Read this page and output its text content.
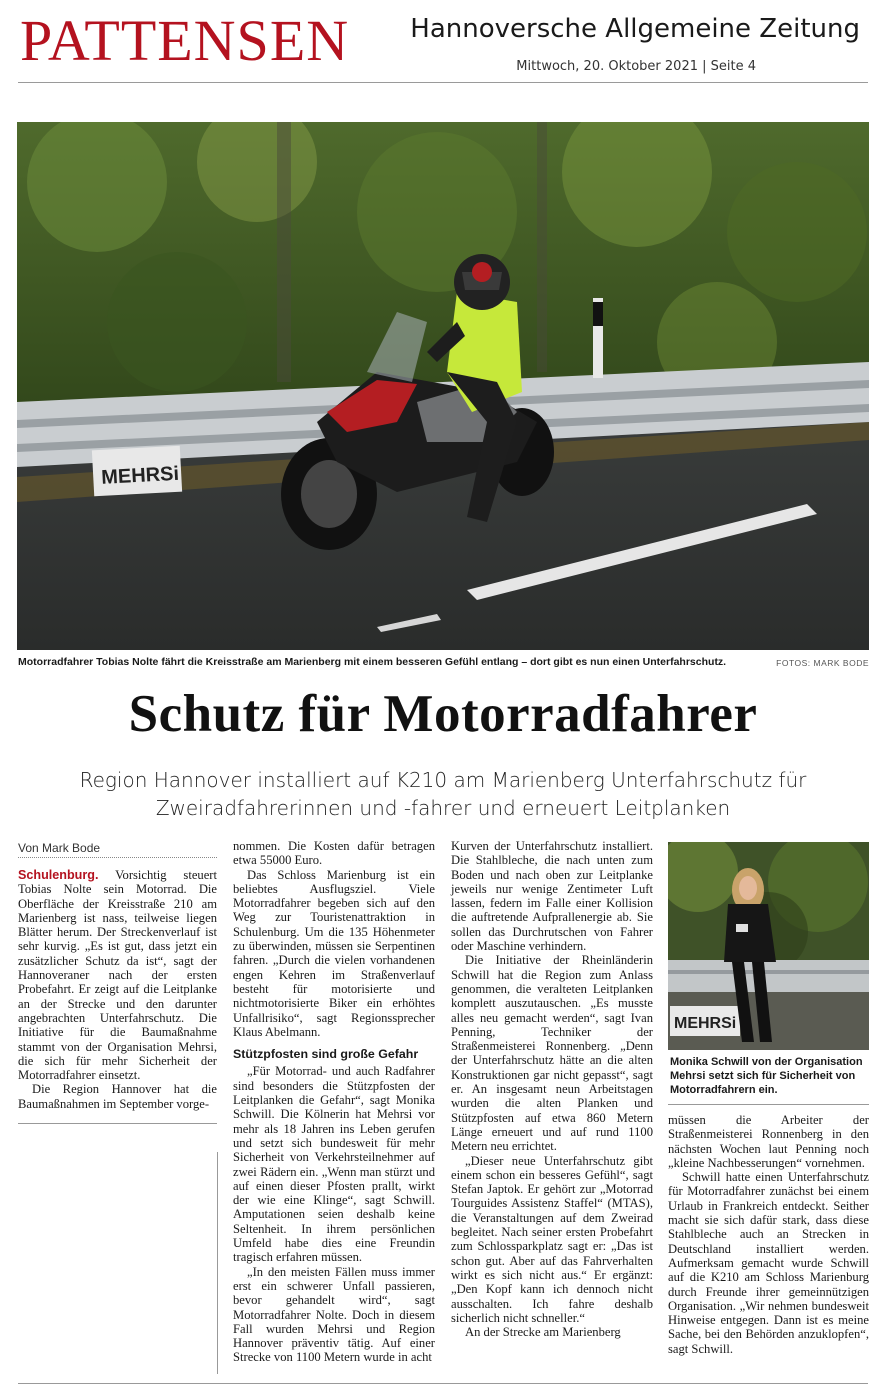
PATTENSEN Hannoversche Allgemeine Zeitung
Mittwoch, 20. Oktober 2021 | Seite 4
MEHRSi
Motorradfahrer Tobias Nolte fährt die Kreisstraße am Marienberg mit einem besseren Gefühl entlang – dort gibt es nun einen Unterfahrschutz.	FOTOS: MARK BODE
Schutz für Motorradfahrer
Region Hannover installiert auf K210 am Marienberg Unterfahrschutz für Zweiradfahrerinnen und -fahrer und erneuert Leitplanken
Von Mark Bode

Schulenburg. Vorsichtig steuert Tobias Nolte sein Motorrad. Die Oberfläche der Kreisstraße 210 am Marienberg ist nass, teilweise liegen Blätter herum. Der Streckenverlauf ist sehr kurvig. „Es ist gut, dass jetzt ein zusätzlicher Schutz da ist“, sagt der Hannoveraner nach der ersten Probefahrt. Er zeigt auf die Leitplanke an der Strecke und den darunter angebrachten Unterfahrschutz. Die Initiative für die Baumaßnahme stammt von der Organisation Mehrsi, die sich für mehr Sicherheit der Motorradfahrer einsetzt.

Die Region Hannover hat die Baumaßnahmen im September vorge-

nommen. Die Kosten dafür betragen etwa 55000 Euro.

Das Schloss Marienburg ist ein beliebtes Ausflugsziel. Viele Motorradfahrer begeben sich auf den Weg zur Touristenattraktion in Schulenburg. Um die 135 Höhenmeter zu überwinden, müssen sie Serpentinen fahren. „Durch die vielen vorhandenen engen Kehren im Straßenverlauf besteht für motorisierte und nichtmotorisierte Biker ein erhöhtes Unfallrisiko“, sagt Regionssprecher Klaus Abelmann.

Stützpfosten sind große Gefahr

„Für Motorrad- und auch Radfahrer sind besonders die Stützpfosten der Leitplanken die Gefahr“, sagt Monika Schwill. Die Kölnerin hat Mehrsi vor mehr als 18 Jahren ins Leben gerufen und setzt sich bundesweit für mehr Sicherheit von Verkehrsteilnehmer auf zwei Rädern ein. „Wenn man stürzt und auf einen dieser Pfosten prallt, wirkt der wie eine Klinge“, sagt Schwill. Amputationen seien deshalb keine Seltenheit. In ihrem persönlichen Umfeld habe dies eine Freundin tragisch erfahren müssen.

„In den meisten Fällen muss immer erst ein schwerer Unfall passieren, bevor gehandelt wird“, sagt Motorradfahrer Nolte. Doch in diesem Fall wurden Mehrsi und Region Hannover präventiv tätig. Auf einer Strecke von 1100 Metern wurde in acht

Kurven der Unterfahrschutz installiert. Die Stahlbleche, die nach unten zum Boden und nach oben zur Leitplanke jeweils nur wenige Zentimeter Luft lassen, federn im Falle einer Kollision die auftretende Aufprallenergie ab. Sie sollen das Durchrutschen von Fahrer oder Maschine verhindern.

Die Initiative der Rheinländerin Schwill hat die Region zum Anlass genommen, die veralteten Leitplanken komplett auszutauschen. „Es musste alles neu gemacht werden“, sagt Ivan Penning, Techniker der Straßenmeisterei Ronnenberg. „Denn der Unterfahrschutz hätte an die alten Konstruktionen gar nicht gepasst“, sagt er. An insgesamt neun Arbeitstagen wurden die alten Planken und Stützpfosten auf etwa 860 Metern Länge erneuert und auf rund 1100 Metern neu errichtet.

„Dieser neue Unterfahrschutz gibt einem schon ein besseres Gefühl“, sagt Stefan Japtok. Er gehört zur „Motorrad Tourguides Assistenz Staffel“ (MTAS), die Veranstaltungen auf dem Zweirad begleitet. Nach seiner ersten Probefahrt zum Schlossparkplatz sagt er: „Das ist schon gut. Aber auf das Fahrverhalten wirkt es sich nicht aus.“ Er ergänzt: „Den Kopf kann ich dennoch nicht ausschalten. Ich fahre deshalb sicherlich nicht schneller.“

An der Strecke am Marienberg

MEHRSi
Monika Schwill von der Organisation Mehrsi setzt sich für Sicherheit von Motorradfahrern ein.

müssen die Arbeiter der Straßenmeisterei Ronnenberg in den nächsten Wochen laut Penning noch „kleine Nachbesserungen“ vornehmen.

Schwill hatte einen Unterfahrschutz für Motorradfahrer zunächst bei einem Urlaub in Frankreich entdeckt. Seither macht sie sich dafür stark, dass diese Stahlbleche auch an Strecken in Deutschland installiert werden. Aufmerksam gemacht wurde Schwill auf die K210 am Schloss Marienburg durch Freunde ihrer gemeinnützigen Organisation. „Wir nehmen bundesweit Hinweise entgegen. Dann ist es meine Sache, bei den Behörden anzuklopfen“, sagt Schwill.
